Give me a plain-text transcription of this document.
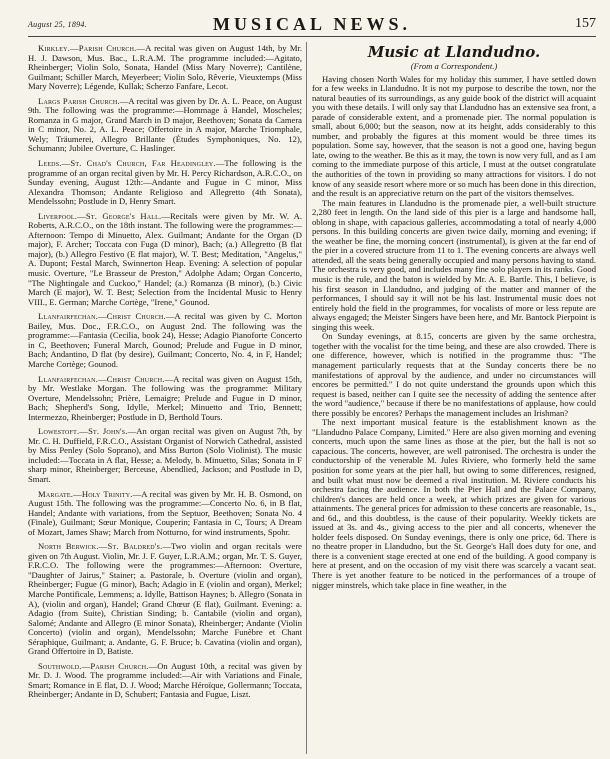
August 25, 1894.	MUSICAL NEWS.	157

Kirkley.—Parish Church.—A recital was given on August 14th, by Mr. H. J. Dawson, Mus. Bac., L.R.A.M. The programme included:—Agitato, Rheinberger; Violin Solo, Sonata, Handel (Miss Mary Noverre); Cantilène, Guilmant; Schiller March, Meyerbeer; Violin Solo, Rêverie, Vieuxtemps (Miss Mary Noverre); Légende, Kullak; Scherzo Fanfare, Lecot.

Largs Parish Church.—A recital was given by Dr. A. L. Peace, on August 9th. The following was the programme:—Hommage à Handel, Moscheles; Romanza in G major, Grand March in D major, Beethoven; Sonata da Camera in C minor, No. 2, A. L. Peace; Offertoire in A major, Marche Triomphale, Wely; Träumerei, Allegro Brillante (Études Symphoniques, No. 12), Schumann; Jubilee Overture, C. Haslinger.

Leeds.—St. Chad's Church, Far Headingley.—The following is the programme of an organ recital given by Mr. H. Percy Richardson, A.R.C.O., on Sunday evening, August 12th:—Andante and Fugue in C minor, Miss Alexandra Thomson; Andante Religioso and Allegretto (4th Sonata), Mendelssohn; Postlude in D, Henry Smart.

Liverpool.—St. George's Hall.—Recitals were given by Mr. W. A. Roberts, A.R.C.O., on the 18th instant. The following were the programmes:—Afternoon: Tempo di Minuetto, Alex. Guilmant; Andante for the Organ (D major), F. Archer; Toccata con Fuga (D minor), Bach; (a.) Allegretto (B flat major), (b.) Allegro Festivo (E flat major), W. T. Best; Meditation, "Angelus," A. Dupont; Festal March, Swinnerton Heap. Evening: A selection of popular music. Overture, "Le Brasseur de Preston," Adolphe Adam; Organ Concerto, "The Nightingale and Cuckoo," Handel; (a.) Romanza (B minor), (b.) Civic March (E major), W. T. Best; Selection from the Incidental Music to Henry VIII., E. German; Marche Cortège, "Irene," Gounod.

Llanfairfechan.—Christ Church.—A recital was given by C. Morton Bailey, Mus. Doc., F.R.C.O., on August 2nd. The following was the programme:—Fantasia (Cecilia, book 24), Hesse; Adagio Pianoforte Concerto in C, Beethoven; Funeral March, Gounod; Prelude and Fugue in D minor, Bach; Andantino, D flat (by desire), Guilmant; Concerto, No. 4, in F, Handel; Marche Cortège; Gounod.

Llanfairfechan.—Christ Church.—A recital was given on August 15th, by Mr. Westlake Morgan. The following was the programme: Military Overture, Mendelssohn; Prière, Lemaigre; Prelude and Fugue in D minor, Bach; Shepherd's Song, Idylle, Merkel; Minuetto and Trio, Bennett; Intermezzo, Rheinberger; Postlude in D, Berthold Tours.

Lowestoft.—St. John's.—An organ recital was given on August 7th, by Mr. C. H. Duffield, F.R.C.O., Assistant Organist of Norwich Cathedral, assisted by Miss Penley (Solo Soprano), and Miss Burton (Solo Violinist). The music included:—Toccata in A flat, Hesse; a. Melody, b. Minuetto, Silas; Sonata in F sharp minor, Rheinberger; Berceuse, Abendlied, Jackson; and Postlude in D, Smart.

Margate.—Holy Trinity.—A recital was given by Mr. H. B. Osmond, on August 15th. The following was the programme:—Concerto No. 6, in B flat, Handel; Andante with variations, from the Septuor, Beethoven; Sonata No. 4 (Finale), Guilmant; Sœur Monique, Couperin; Fantasia in C, Tours; A Dream of Mozart, James Shaw; March from Notturno, for wind instruments, Spohr.

North Berwick.—St. Baldred's.—Two violin and organ recitals were given on 7th August. Violin, Mr. J. F. Guyer, L.R.A.M.; organ, Mr. T. S. Guyer, F.R.C.O. The following were the programmes:—Afternoon: Overture, "Daughter of Jairus," Stainer; a. Pastorale, b. Overture (violin and organ), Rheinberger; Fugue (G minor), Bach; Adagio in E (violin and organ), Merkel; Marche Pontificale, Lemmens; a. Idylle, Battison Haynes; b. Allegro (Sonata in A), (violin and organ), Handel; Grand Chœur (E flat), Guilmant. Evening: a. Adagio (from Suite), Christian Sinding; b. Cantabile (violin and organ), Salomé; Andante and Allegro (E minor Sonata), Rheinberger; Andante (Violin Concerto) (violin and organ), Mendelssohn; Marche Funèbre et Chant Séraphique, Guilmant; a. Andante, G. F. Bruce; b. Cavatina (violin and organ), Grand Offertoire in D, Batiste.

Southwold.—Parish Church.—On August 10th, a recital was given by Mr. D. J. Wood. The programme included:—Air with Variations and Finale, Smart; Romance in E flat, D. J. Wood; Marche Héroïque, Gollermann; Toccata, Rheinberger; Andante in D, Schubert; Fantasia and Fugue, Liszt.

Music at Llandudno.
(From a Correspondent.)

Having chosen North Wales for my holiday this summer, I have settled down for a few weeks in Llandudno. It is not my purpose to describe the town, nor the natural beauties of its surroundings, as any guide book of the district will acquaint you with these details. I will only say that Llandudno has an extensive sea front, a parade of considerable extent, and a promenade pier. The normal population is small, about 6,000; but the season, now at its height, adds considerably to this number, and probably the figures at this moment would be three times its population. Some say, however, that the season is not a good one, having begun late, owing to the weather. Be this as it may, the town is now very full, and as I am coming to the immediate purpose of this article, I must at the outset congratulate the authorities of the town in providing so many attractions for visitors. I do not know of any seaside resort where more or so much has been done in this direction, and the result is an appreciative return on the part of the visitors themselves.

The main features in Llandudno is the promenade pier, a well-built structure 2,280 feet in length. On the land side of this pier is a large and handsome hall, oblong in shape, with capacious galleries, accommodating a total of nearly 4,000 persons. In this building concerts are given twice daily, morning and evening; if the weather be fine, the morning concert (instrumental), is given at the far end of the pier in a covered structure from 11 to 1. The evening concerts are always well attended, all the seats being generally occupied and many persons having to stand. The orchestra is very good, and includes many fine solo players in its ranks. Good music is the rule, and the baton is wielded by Mr. A. E. Bartle. This, I believe, is his first season in Llandudno, and judging of the matter and manner of the performances, I should say it will not be his last. Instrumental music does not entirely hold the field in the programmes, for vocalists of more or less repute are always engaged; the Meister Singers have been here, and Mr. Bantock Pierpoint is singing this week.

On Sunday evenings, at 8.15, concerts are given by the same orchestra, together with the vocalist for the time being, and these are also crowded. There is one difference, however, which is notified in the programme thus: "The management particularly requests that at the Sunday concerts there be no manifestations of approval by the audience, and under no circumstances will encores be permitted." I do not quite understand the grounds upon which this request is based, neither can I quite see the necessity of adding the sentence after the word "audience," because if there be no manifestations of applause, how could there possibly be encores? Perhaps the management includes an Irishman?

The next important musical feature is the establishment known as the "Llandudno Palace Company, Limited." Here are also given morning and evening concerts, much upon the same lines as those at the pier, but the hall is not so capacious. The concerts, however, are well patronised. The orchestra is under the conductorship of the venerable M. Jules Riviere, who formerly held the same position for some years at the pier hall, but owing to some differences, resigned, and built what must now be deemed a rival institution. M. Riviere conducts his orchestra facing the audience. In both the Pier Hall and the Palace Company, children's dances are held once a week, at which prizes are given for various attainments. The general prices for admission to these concerts are reasonable, 1s., and 6d., and this doubtless, is the cause of their popularity. Weekly tickets are issued at 3s. and 4s., giving access to the pier and all concerts, whenever the holder feels disposed. On Sunday evenings, there is only one price, 6d. There is no theatre proper in Llandudno, but the St. George's Hall does duty for one, and there is a convenient stage erected at one end of the building. A good company is here at present, and on the occasion of my visit there was scarcely a vacant seat. There is yet another feature to be noticed in the performances of a troupe of nigger minstrels, which take place in fine weather, in the
